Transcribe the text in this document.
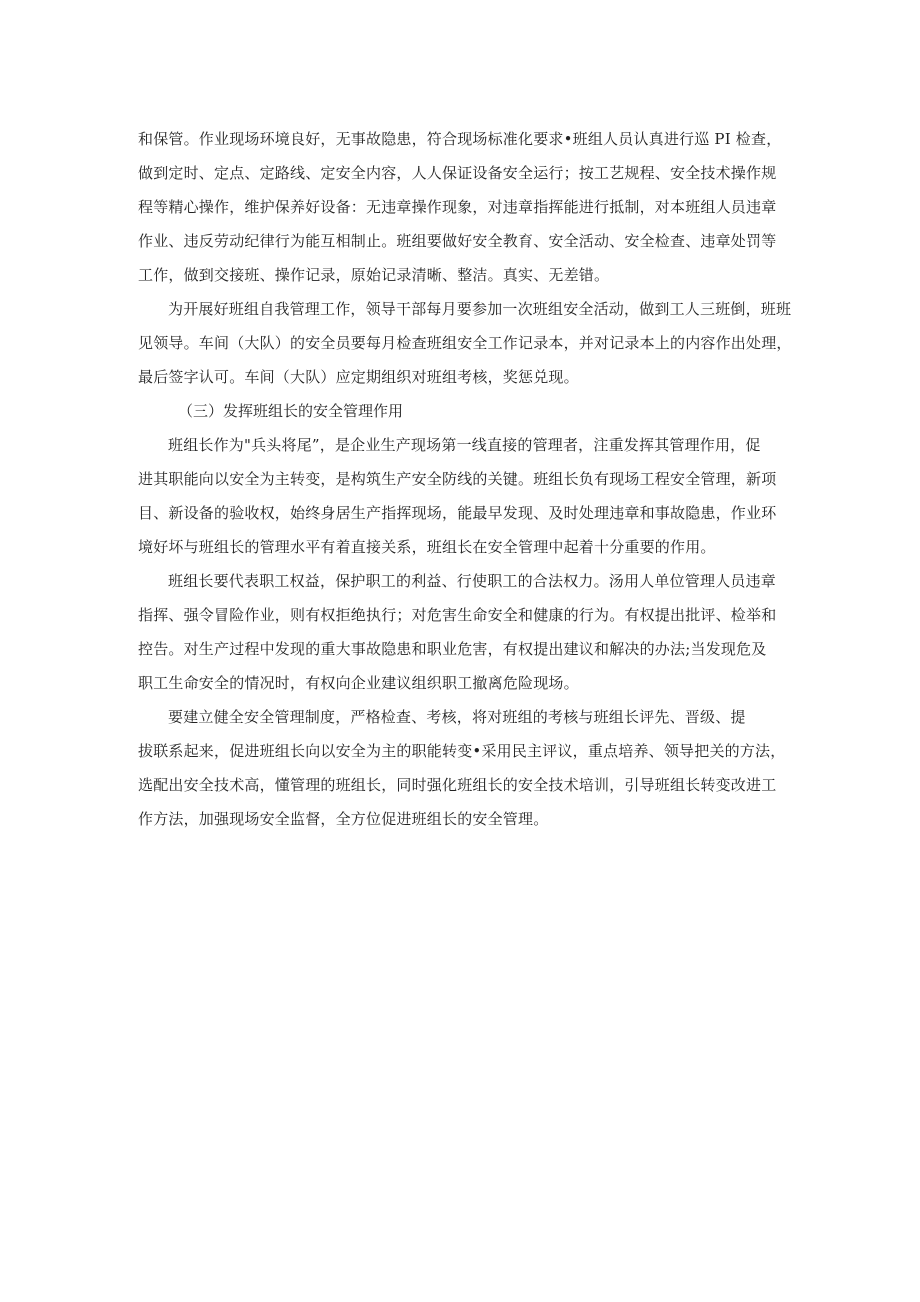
和保管。作业现场环境良好，无事故隐患，符合现场标准化要求•班组人员认真进行巡 PI 检查，
做到定时、定点、定路线、定安全内容，人人保证设备安全运行；按工艺规程、安全技术操作规
程等精心操作，维护保养好设备：无违章操作现象，对违章指挥能进行抵制，对本班组人员违章
作业、违反劳动纪律行为能互相制止。班组要做好安全教育、安全活动、安全检查、违章处罚等
工作，做到交接班、操作记录，原始记录清晰、整洁。真实、无差错。
为开展好班组自我管理工作，领导干部每月要参加一次班组安全活动，做到工人三班倒，班班
见领导。车间（大队）的安全员要每月检查班组安全工作记录本，并对记录本上的内容作出处理，
最后签字认可。车间（大队）应定期组织对班组考核，奖惩兑现。
（三）发挥班组长的安全管理作用
班组长作为"兵头将尾”，是企业生产现场第一线直接的管理者，注重发挥其管理作用，促
进其职能向以安全为主转变，是构筑生产安全防线的关键。班组长负有现场工程安全管理，新项
目、新设备的验收权，始终身居生产指挥现场，能最早发现、及时处理违章和事故隐患，作业环
境好坏与班组长的管理水平有着直接关系，班组长在安全管理中起着十分重要的作用。
班组长要代表职工权益，保护职工的利益、行使职工的合法权力。汤用人单位管理人员违章
指挥、强令冒险作业，则有权拒绝执行；对危害生命安全和健康的行为。有权提出批评、检举和
控告。对生产过程中发现的重大事故隐患和职业危害，有权提出建议和解决的办法;当发现危及
职工生命安全的情况时，有权向企业建议组织职工撤离危险现场。
要建立健全安全管理制度，严格检查、考核，将对班组的考核与班组长评先、晋级、提
拔联系起来，促进班组长向以安全为主的职能转变•采用民主评议，重点培养、领导把关的方法，
选配出安全技术高，懂管理的班组长，同时强化班组长的安全技术培训，引导班组长转变改进工
作方法，加强现场安全监督，全方位促进班组长的安全管理。
